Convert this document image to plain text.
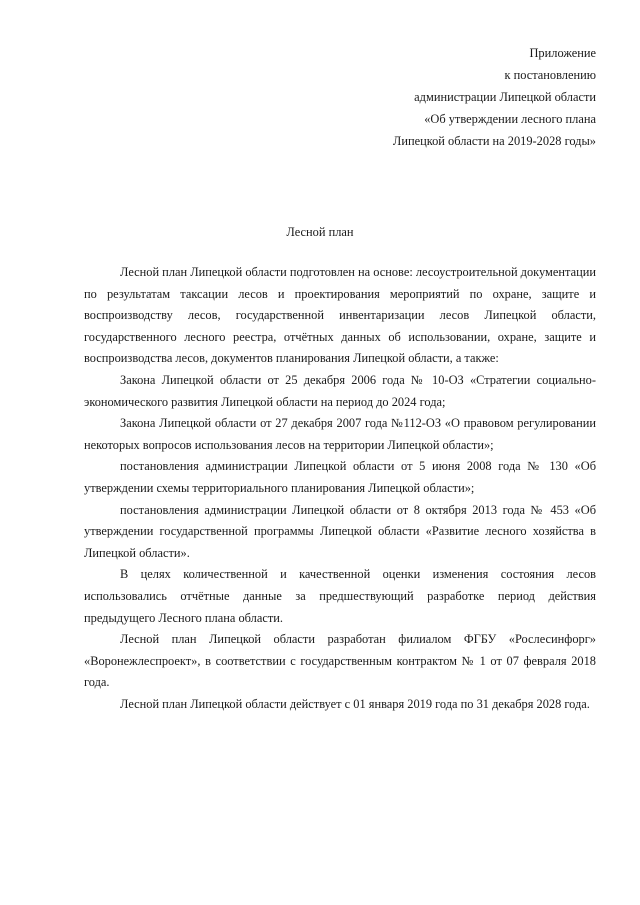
Приложение
к постановлению
администрации Липецкой области
«Об утверждении лесного плана
Липецкой области на 2019-2028 годы»
Лесной план

Лесной план Липецкой области подготовлен на основе: лесоустроительной документации по результатам таксации лесов и проектирования мероприятий по охране, защите и воспроизводству лесов, государственной инвентаризации лесов Липецкой области, государственного лесного реестра, отчётных данных об использовании, охране, защите и воспроизводства лесов, документов планирования Липецкой области, а также:

Закона Липецкой области от 25 декабря 2006 года № 10-ОЗ «Стратегии социально-экономического развития Липецкой области на период до 2024 года;

Закона Липецкой области от 27 декабря 2007 года №112-ОЗ «О правовом регулировании некоторых вопросов использования лесов на территории Липецкой области»;

постановления администрации Липецкой области от 5 июня 2008 года № 130 «Об утверждении схемы территориального планирования Липецкой области»;

постановления администрации Липецкой области от 8 октября 2013 года № 453 «Об утверждении государственной программы Липецкой области «Развитие лесного хозяйства в Липецкой области».

В целях количественной и качественной оценки изменения состояния лесов использовались отчётные данные за предшествующий разработке период действия предыдущего Лесного плана области.

Лесной план Липецкой области разработан филиалом ФГБУ «Рослесинфорг» «Воронежлеспроект», в соответствии с государственным контрактом № 1 от 07 февраля 2018 года.

Лесной план Липецкой области действует с 01 января 2019 года по 31 декабря 2028 года.
